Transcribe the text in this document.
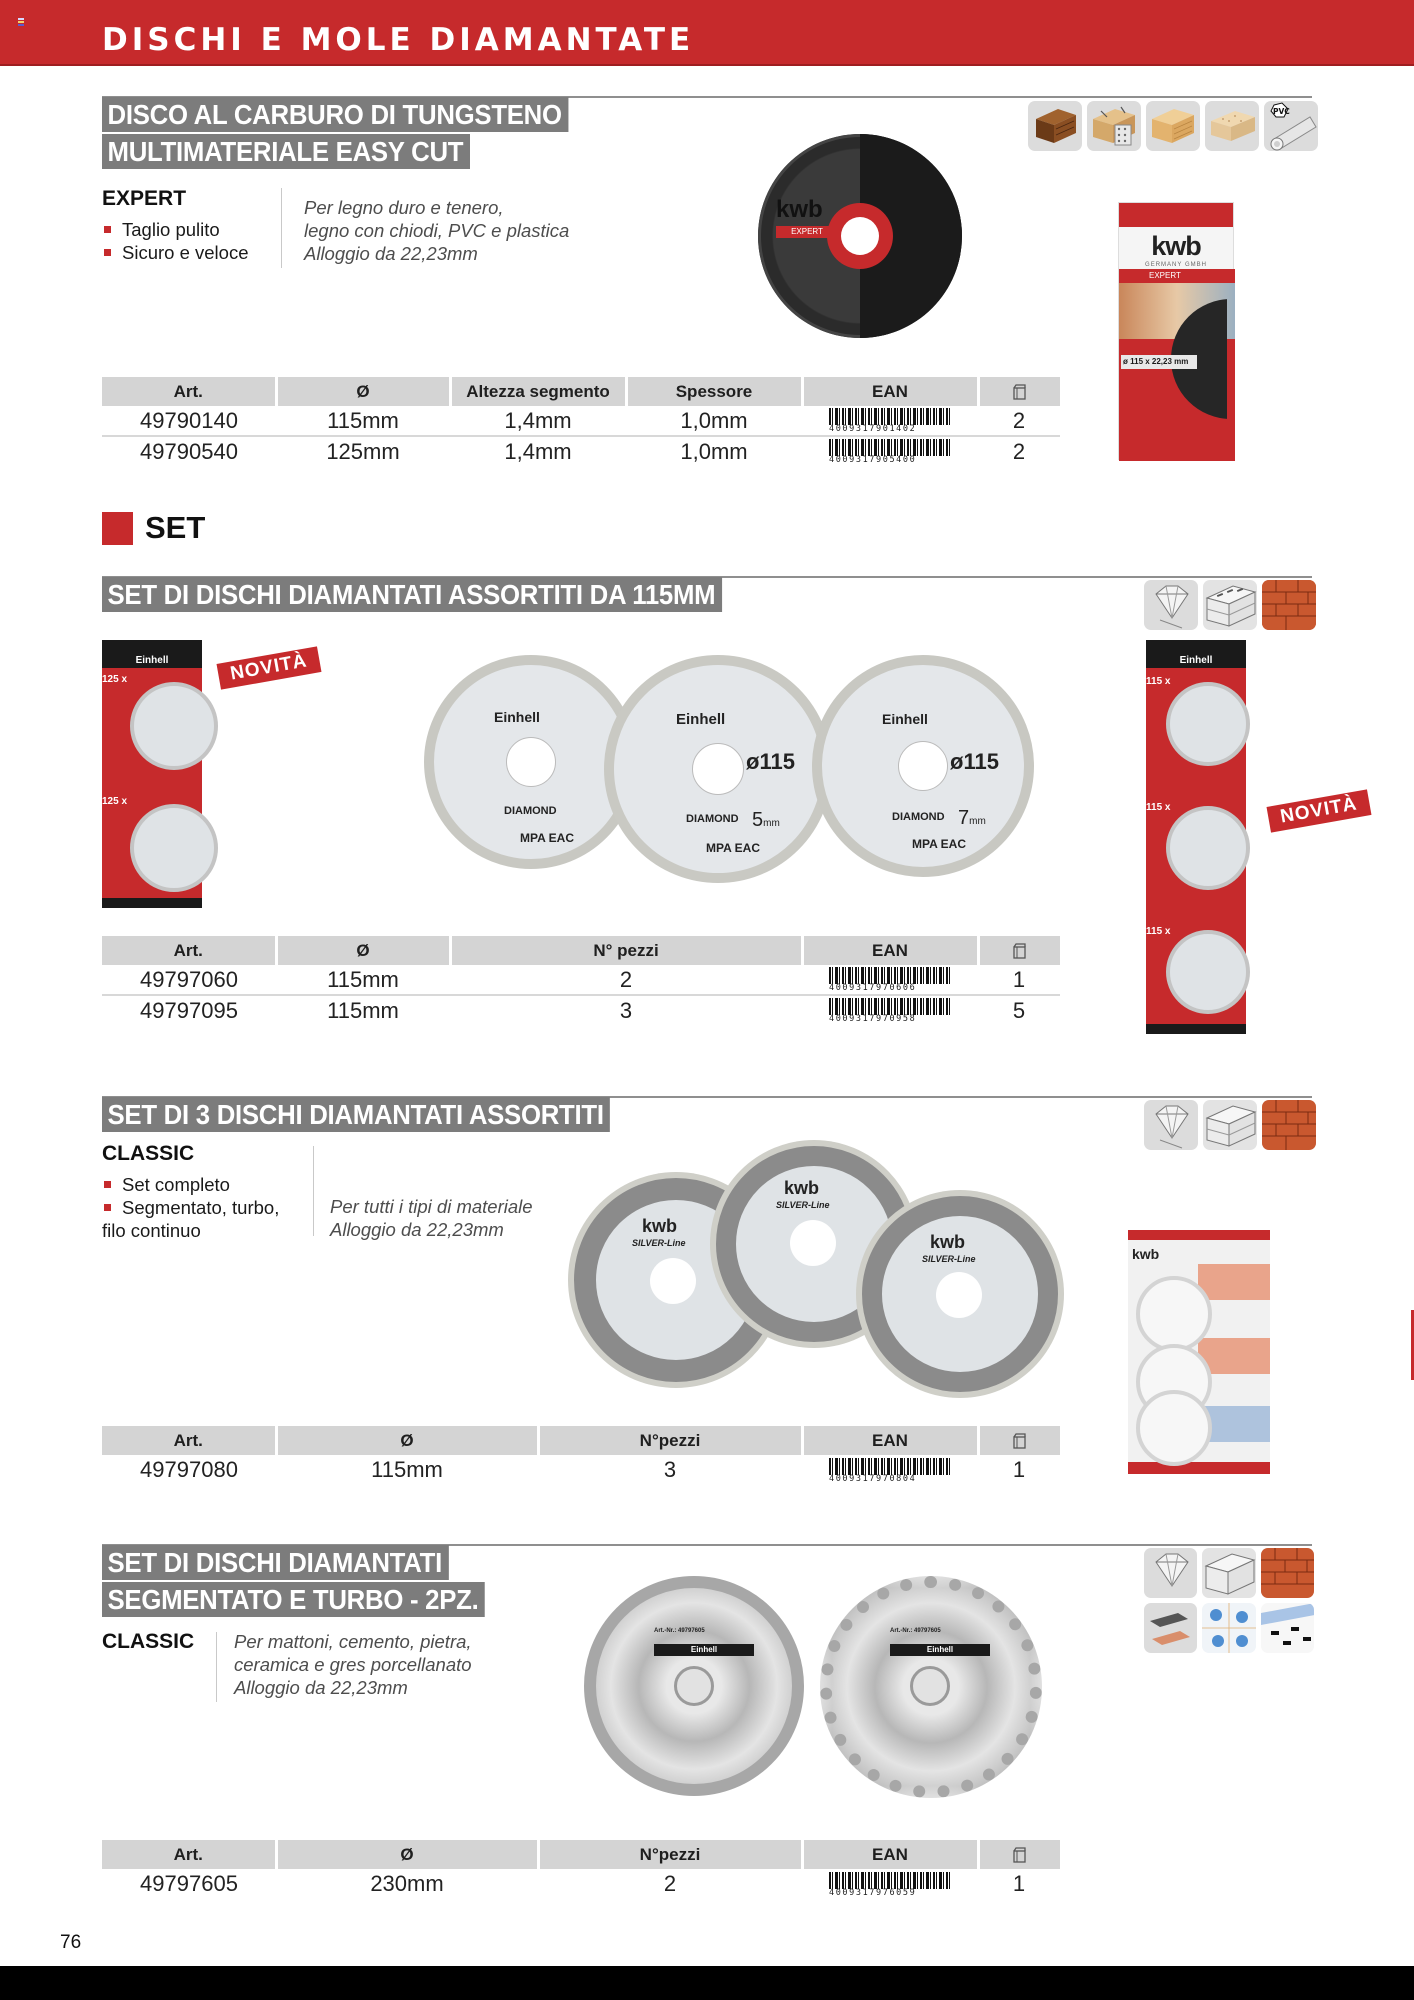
DISCHI E MOLE DIAMANTATE
DISCO AL CARBURO DI TUNGSTENO
MULTIMATERIALE EASY CUT
PVC
EXPERT
Taglio pulito
Sicuro e veloce
Per legno duro e tenero,
legno con chiodi, PVC e plastica
Alloggio da 22,23mm
kwb
EXPERT	kwb
GERMANY GMBH
EXPERT
ø 115 x 22,23 mm
Art.	Ø	Altezza segmento	Spessore	EAN	
49790140	115mm	1,4mm	1,0mm	4009317901402	2
49790540	125mm	1,4mm	1,0mm	4009317905400	2
SET
SET DI DISCHI DIAMANTATI ASSORTITI DA 115MM
Einhell
125 x
125 x
NOVITÀ
Einhell
DIAMOND
MPA EAC
Einhell
ø115
DIAMOND 5mm
MPA EAC
Einhell
ø115
DIAMOND 7mm
MPA EAC
Einhell
115 x
115 x
115 x
NOVITÀ
Art.	Ø	N° pezzi	EAN	
49797060	115mm	2	4009317970606	1
49797095	115mm	3	4009317970958	5
SET DI 3 DISCHI DIAMANTATI ASSORTITI
CLASSIC
Set completo
Segmentato, turbo,
filo continuo
Per tutti i tipi di materiale
Alloggio da 22,23mm	kwb
SILVER-Line
kwb
SILVER-Line
kwb
SILVER-Line	kwb
Art.	Ø	N°pezzi	EAN	
49797080	115mm	3	4009317970804	1
SET DI DISCHI DIAMANTATI
SEGMENTATO E TURBO - 2PZ.
CLASSIC Per mattoni, cemento, pietra,
ceramica e gres porcellanato
Alloggio da 22,23mm
Einhell
Art.-Nr.: 49797605
Einhell
Art.-Nr.: 49797605
Art.	Ø	N°pezzi	EAN	
49797605	230mm	2	4009317976059	1
76
